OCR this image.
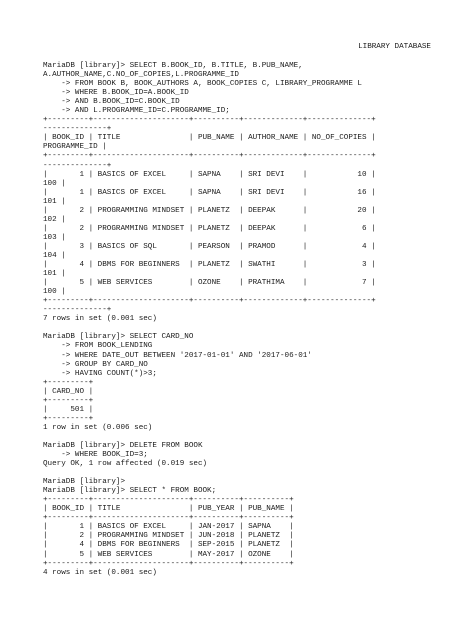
LIBRARY DATABASE
MariaDB [library]> SELECT B.BOOK_ID, B.TITLE, B.PUB_NAME,
A.AUTHOR_NAME,C.NO_OF_COPIES,L.PROGRAMME_ID
-> FROM BOOK B, BOOK_AUTHORS A, BOOK_COPIES C, LIBRARY_PROGRAMME L
-> WHERE B.BOOK_ID=A.BOOK_ID
-> AND B.BOOK_ID=C.BOOK_ID
-> AND L.PROGRAMME_ID=C.PROGRAMME_ID;
+---------+---------------------+----------+-------------+--------------+
--------------+
| BOOK_ID | TITLE               | PUB_NAME | AUTHOR_NAME | NO_OF_COPIES |
PROGRAMME_ID |
+---------+---------------------+----------+-------------+--------------+
--------------+
|       1 | BASICS OF EXCEL     | SAPNA    | SRI DEVI    |           10 |
100 |
|       1 | BASICS OF EXCEL     | SAPNA    | SRI DEVI    |           16 |
101 |
|       2 | PROGRAMMING MINDSET | PLANETZ  | DEEPAK      |           20 |
102 |
|       2 | PROGRAMMING MINDSET | PLANETZ  | DEEPAK      |            6 |
103 |
|       3 | BASICS OF SQL       | PEARSON  | PRAMOD      |            4 |
104 |
|       4 | DBMS FOR BEGINNERS  | PLANETZ  | SWATHI      |            3 |
101 |
|       5 | WEB SERVICES        | OZONE    | PRATHIMA    |            7 |
100 |
+---------+---------------------+----------+-------------+--------------+
--------------+
7 rows in set (0.001 sec)
MariaDB [library]> SELECT CARD_NO
-> FROM BOOK_LENDING
-> WHERE DATE_OUT BETWEEN '2017-01-01' AND '2017-06-01'
-> GROUP BY CARD_NO
-> HAVING COUNT(*)>3;
+---------+
| CARD_NO |
+---------+
|     501 |
+---------+
1 row in set (0.006 sec)
MariaDB [library]> DELETE FROM BOOK
-> WHERE BOOK_ID=3;
Query OK, 1 row affected (0.019 sec)
MariaDB [library]>
MariaDB [library]> SELECT * FROM BOOK;
+---------+---------------------+----------+----------+
| BOOK_ID | TITLE               | PUB_YEAR | PUB_NAME |
+---------+---------------------+----------+----------+
|       1 | BASICS OF EXCEL     | JAN-2017 | SAPNA    |
|       2 | PROGRAMMING MINDSET | JUN-2018 | PLANETZ  |
|       4 | DBMS FOR BEGINNERS  | SEP-2015 | PLANETZ  |
|       5 | WEB SERVICES        | MAY-2017 | OZONE    |
+---------+---------------------+----------+----------+
4 rows in set (0.001 sec)
